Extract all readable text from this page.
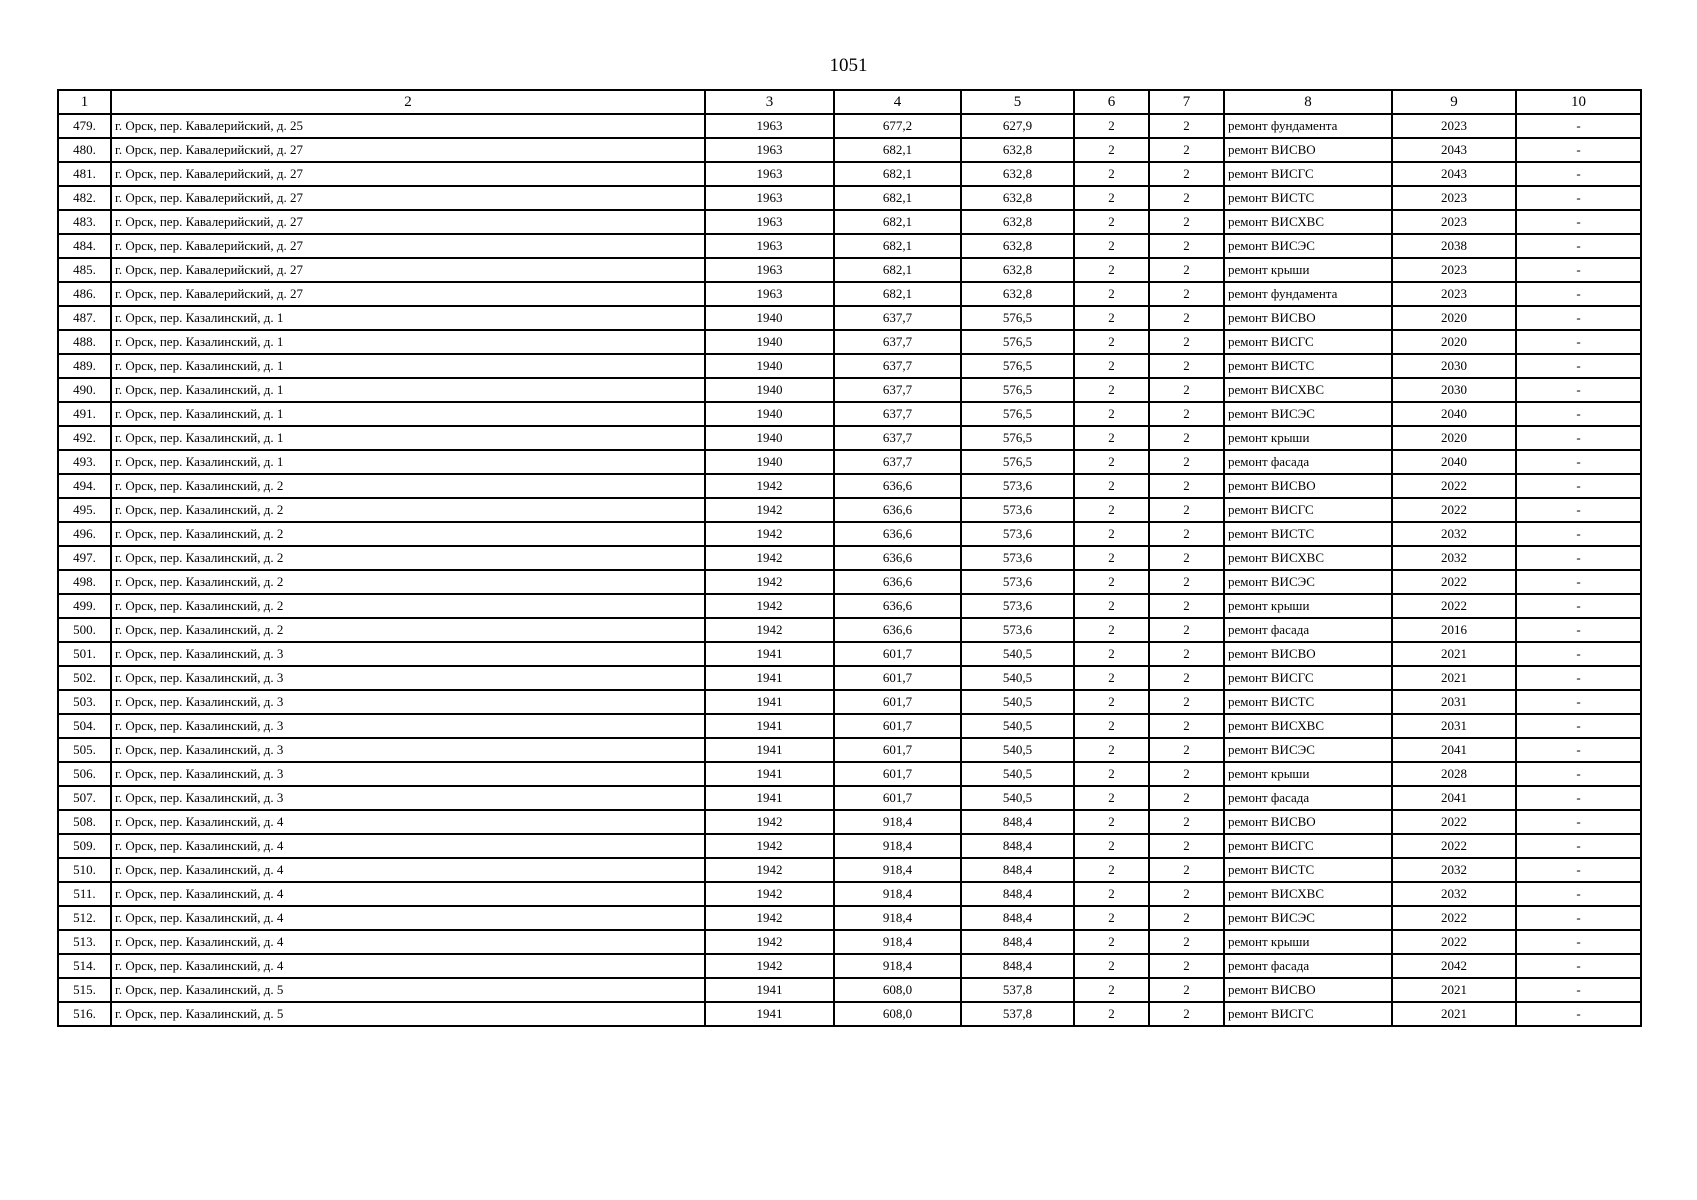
1051
1	2	3	4	5	6	7	8	9	10
479.	г. Орск, пер. Кавалерийский, д. 25	1963	677,2	627,9	2	2	ремонт фундамента	2023	-
480.	г. Орск, пер. Кавалерийский, д. 27	1963	682,1	632,8	2	2	ремонт ВИСВО	2043	-
481.	г. Орск, пер. Кавалерийский, д. 27	1963	682,1	632,8	2	2	ремонт ВИСГС	2043	-
482.	г. Орск, пер. Кавалерийский, д. 27	1963	682,1	632,8	2	2	ремонт ВИСТС	2023	-
483.	г. Орск, пер. Кавалерийский, д. 27	1963	682,1	632,8	2	2	ремонт ВИСХВС	2023	-
484.	г. Орск, пер. Кавалерийский, д. 27	1963	682,1	632,8	2	2	ремонт ВИСЭС	2038	-
485.	г. Орск, пер. Кавалерийский, д. 27	1963	682,1	632,8	2	2	ремонт крыши	2023	-
486.	г. Орск, пер. Кавалерийский, д. 27	1963	682,1	632,8	2	2	ремонт фундамента	2023	-
487.	г. Орск, пер. Казалинский, д. 1	1940	637,7	576,5	2	2	ремонт ВИСВО	2020	-
488.	г. Орск, пер. Казалинский, д. 1	1940	637,7	576,5	2	2	ремонт ВИСГС	2020	-
489.	г. Орск, пер. Казалинский, д. 1	1940	637,7	576,5	2	2	ремонт ВИСТС	2030	-
490.	г. Орск, пер. Казалинский, д. 1	1940	637,7	576,5	2	2	ремонт ВИСХВС	2030	-
491.	г. Орск, пер. Казалинский, д. 1	1940	637,7	576,5	2	2	ремонт ВИСЭС	2040	-
492.	г. Орск, пер. Казалинский, д. 1	1940	637,7	576,5	2	2	ремонт крыши	2020	-
493.	г. Орск, пер. Казалинский, д. 1	1940	637,7	576,5	2	2	ремонт фасада	2040	-
494.	г. Орск, пер. Казалинский, д. 2	1942	636,6	573,6	2	2	ремонт ВИСВО	2022	-
495.	г. Орск, пер. Казалинский, д. 2	1942	636,6	573,6	2	2	ремонт ВИСГС	2022	-
496.	г. Орск, пер. Казалинский, д. 2	1942	636,6	573,6	2	2	ремонт ВИСТС	2032	-
497.	г. Орск, пер. Казалинский, д. 2	1942	636,6	573,6	2	2	ремонт ВИСХВС	2032	-
498.	г. Орск, пер. Казалинский, д. 2	1942	636,6	573,6	2	2	ремонт ВИСЭС	2022	-
499.	г. Орск, пер. Казалинский, д. 2	1942	636,6	573,6	2	2	ремонт крыши	2022	-
500.	г. Орск, пер. Казалинский, д. 2	1942	636,6	573,6	2	2	ремонт фасада	2016	-
501.	г. Орск, пер. Казалинский, д. 3	1941	601,7	540,5	2	2	ремонт ВИСВО	2021	-
502.	г. Орск, пер. Казалинский, д. 3	1941	601,7	540,5	2	2	ремонт ВИСГС	2021	-
503.	г. Орск, пер. Казалинский, д. 3	1941	601,7	540,5	2	2	ремонт ВИСТС	2031	-
504.	г. Орск, пер. Казалинский, д. 3	1941	601,7	540,5	2	2	ремонт ВИСХВС	2031	-
505.	г. Орск, пер. Казалинский, д. 3	1941	601,7	540,5	2	2	ремонт ВИСЭС	2041	-
506.	г. Орск, пер. Казалинский, д. 3	1941	601,7	540,5	2	2	ремонт крыши	2028	-
507.	г. Орск, пер. Казалинский, д. 3	1941	601,7	540,5	2	2	ремонт фасада	2041	-
508.	г. Орск, пер. Казалинский, д. 4	1942	918,4	848,4	2	2	ремонт ВИСВО	2022	-
509.	г. Орск, пер. Казалинский, д. 4	1942	918,4	848,4	2	2	ремонт ВИСГС	2022	-
510.	г. Орск, пер. Казалинский, д. 4	1942	918,4	848,4	2	2	ремонт ВИСТС	2032	-
511.	г. Орск, пер. Казалинский, д. 4	1942	918,4	848,4	2	2	ремонт ВИСХВС	2032	-
512.	г. Орск, пер. Казалинский, д. 4	1942	918,4	848,4	2	2	ремонт ВИСЭС	2022	-
513.	г. Орск, пер. Казалинский, д. 4	1942	918,4	848,4	2	2	ремонт крыши	2022	-
514.	г. Орск, пер. Казалинский, д. 4	1942	918,4	848,4	2	2	ремонт фасада	2042	-
515.	г. Орск, пер. Казалинский, д. 5	1941	608,0	537,8	2	2	ремонт ВИСВО	2021	-
516.	г. Орск, пер. Казалинский, д. 5	1941	608,0	537,8	2	2	ремонт ВИСГС	2021	-
